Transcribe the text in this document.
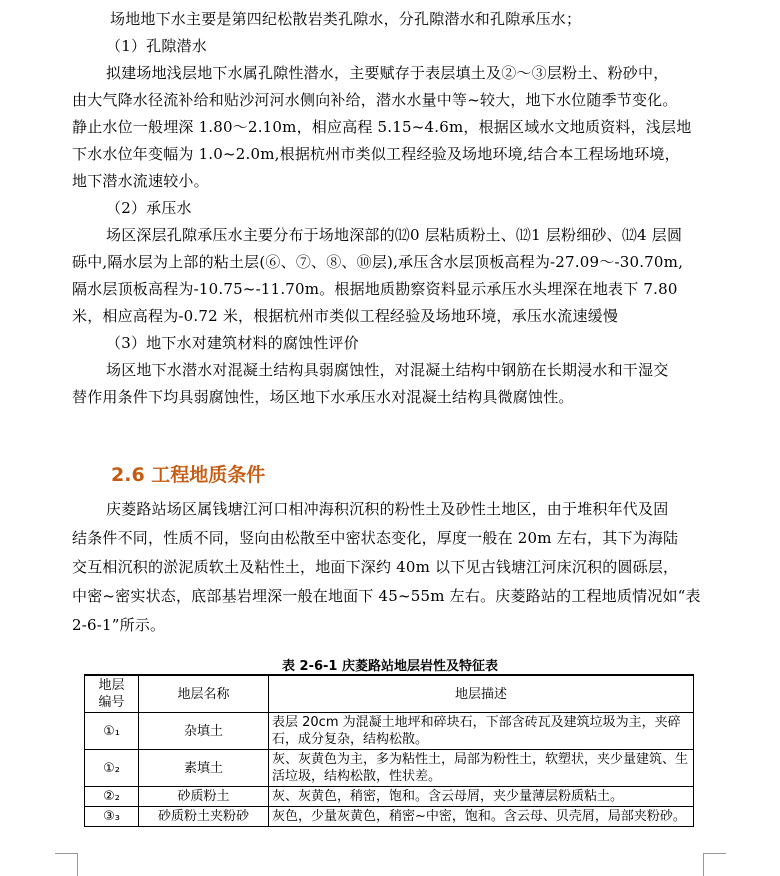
场地地下水主要是第四纪松散岩类孔隙水，分孔隙潜水和孔隙承压水；
（1）孔隙潜水
拟建场地浅层地下水属孔隙性潜水，主要赋存于表层填土及②～③层粉土、粉砂中，
由大气降水径流补给和贴沙河河水侧向补给，潜水水量中等~较大，地下水位随季节变化。
静止水位一般埋深 1.80～2.10m，相应高程 5.15~4.6m，根据区域水文地质资料，浅层地
下水水位年变幅为 1.0~2.0m,根据杭州市类似工程经验及场地环境,结合本工程场地环境，
地下潜水流速较小。
（2）承压水
场区深层孔隙承压水主要分布于场地深部的⑿0 层粘质粉土、⑿1 层粉细砂、⑿4 层圆
砾中,隔水层为上部的粘土层(⑥、⑦、⑧、⑩层),承压含水层顶板高程为-27.09～-30.70m,
隔水层顶板高程为-10.75~-11.70m。根据地质勘察资料显示承压水头埋深在地表下 7.80
米，相应高程为-0.72 米，根据杭州市类似工程经验及场地环境，承压水流速缓慢
（3）地下水对建筑材料的腐蚀性评价
场区地下水潜水对混凝土结构具弱腐蚀性，对混凝土结构中钢筋在长期浸水和干湿交
替作用条件下均具弱腐蚀性，场区地下水承压水对混凝土结构具微腐蚀性。
2.6 工程地质条件
庆菱路站场区属钱塘江河口相冲海积沉积的粉性土及砂性土地区，由于堆积年代及固
结条件不同，性质不同，竖向由松散至中密状态变化，厚度一般在 20m 左右，其下为海陆
交互相沉积的淤泥质软土及粘性土，地面下深约 40m 以下见古钱塘江河床沉积的圆砾层，
中密~密实状态，底部基岩埋深一般在地面下 45~55m 左右。庆菱路站的工程地质情况如“表
2-6-1”所示。
表 2-6-1 庆菱路站地层岩性及特征表
地层
编号	地层名称	地层描述
①₁	杂填土	表层 20cm 为混凝土地坪和碎块石，下部含砖瓦及建筑垃圾为主，夹碎石，成分复杂，结构松散。
①₂	素填土	灰、灰黄色为主，多为粘性土，局部为粉性土，软塑状，夹少量建筑、生活垃圾，结构松散，性状差。
②₂	砂质粉土	灰、灰黄色，稍密，饱和。含云母屑，夹少量薄层粉质粘土。
③₃	砂质粉土夹粉砂	灰色，少量灰黄色，稍密~中密，饱和。含云母、贝壳屑，局部夹粉砂。
